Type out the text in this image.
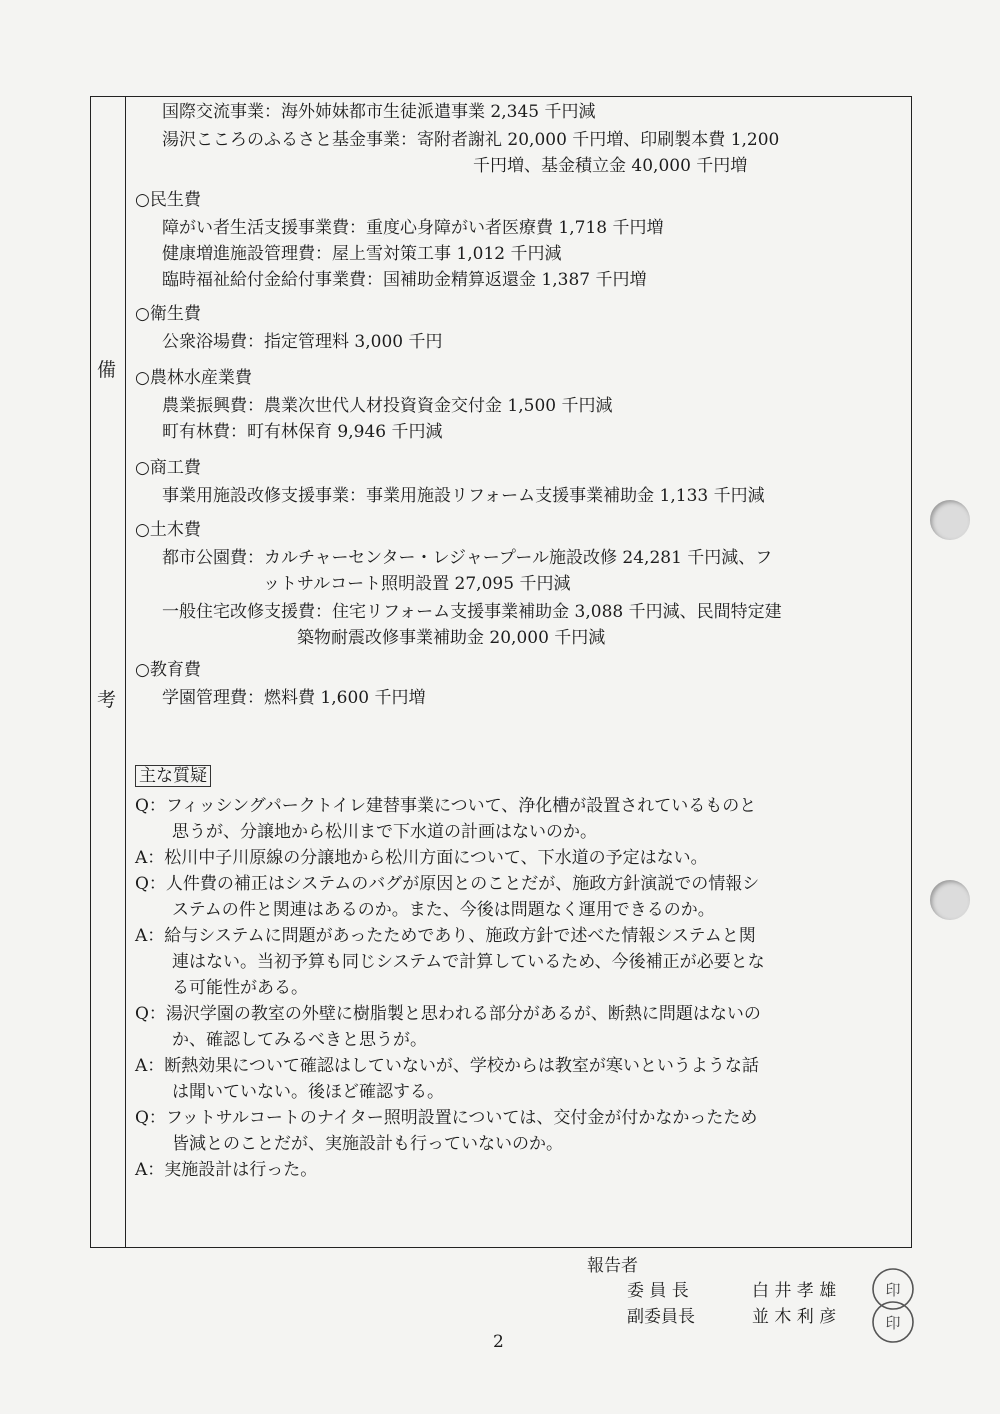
備
考
国際交流事業：海外姉妹都市生徒派遣事業 2,345 千円減
湯沢こころのふるさと基金事業：寄附者謝礼 20,000 千円増、印刷製本費 1,200
千円増、基金積立金 40,000 千円増
○民生費
障がい者生活支援事業費：重度心身障がい者医療費 1,718 千円増
健康増進施設管理費：屋上雪対策工事 1,012 千円減
臨時福祉給付金給付事業費：国補助金精算返還金 1,387 千円増
○衛生費
公衆浴場費：指定管理料 3,000 千円
○農林水産業費
農業振興費：農業次世代人材投資資金交付金 1,500 千円減
町有林費：町有林保育 9,946 千円減
○商工費
事業用施設改修支援事業：事業用施設リフォーム支援事業補助金 1,133 千円減
○土木費
都市公園費：カルチャーセンター・レジャープール施設改修 24,281 千円減、フ
ットサルコート照明設置 27,095 千円減
一般住宅改修支援費：住宅リフォーム支援事業補助金 3,088 千円減、民間特定建
築物耐震改修事業補助金 20,000 千円減
○教育費
学園管理費：燃料費 1,600 千円増
主な質疑
Q：フィッシングパークトイレ建替事業について、浄化槽が設置されているものと
思うが、分譲地から松川まで下水道の計画はないのか。
A：松川中子川原線の分譲地から松川方面について、下水道の予定はない。
Q：人件費の補正はシステムのバグが原因とのことだが、施政方針演説での情報シ
ステムの件と関連はあるのか。また、今後は問題なく運用できるのか。
A：給与システムに問題があったためであり、施政方針で述べた情報システムと関
連はない。当初予算も同じシステムで計算しているため、今後補正が必要とな
る可能性がある。
Q：湯沢学園の教室の外壁に樹脂製と思われる部分があるが、断熱に問題はないの
か、確認してみるべきと思うが。
A：断熱効果について確認はしていないが、学校からは教室が寒いというような話
は聞いていない。後ほど確認する。
Q：フットサルコートのナイター照明設置については、交付金が付かなかったため
皆減とのことだが、実施設計も行っていないのか。
A：実施設計は行った。
報告者
委 員 長	白 井 孝 雄
副委員長	並 木 利 彦
印
印
2
